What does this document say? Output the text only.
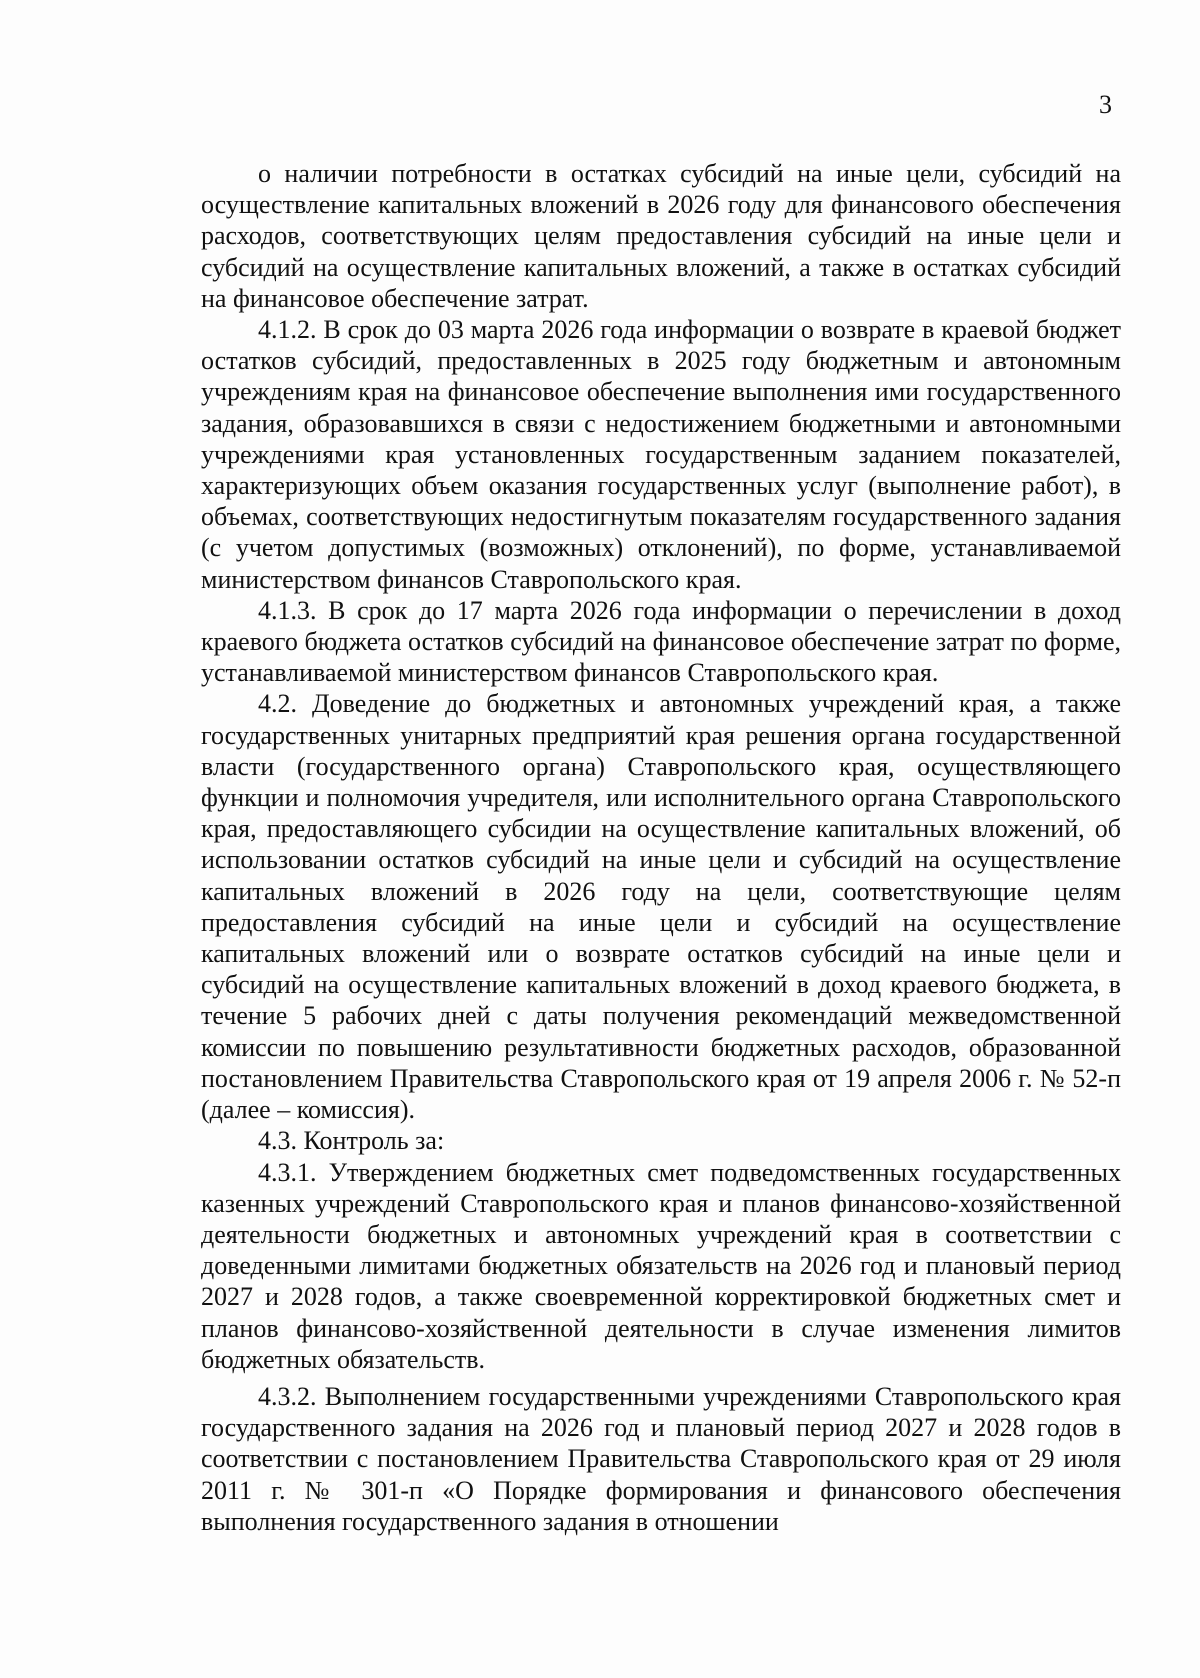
3

о наличии потребности в остатках субсидий на иные цели, субсидий на осуществление капитальных вложений в 2026 году для финансового обеспечения расходов, соответствующих целям предоставления субсидий на иные цели и субсидий на осуществление капитальных вложений, а также в остатках субсидий на финансовое обеспечение затрат.

4.1.2. В срок до 03 марта 2026 года информации о возврате в краевой бюджет остатков субсидий, предоставленных в 2025 году бюджетным и автономным учреждениям края на финансовое обеспечение выполнения ими государственного задания, образовавшихся в связи с недостижением бюджетными и автономными учреждениями края установленных государственным заданием показателей, характеризующих объем оказания государственных услуг (выполнение работ), в объемах, соответствующих недостигнутым показателям государственного задания (с учетом допустимых (возможных) отклонений), по форме, устанавливаемой министерством финансов Ставропольского края.

4.1.3. В срок до 17 марта 2026 года информации о перечислении в доход краевого бюджета остатков субсидий на финансовое обеспечение затрат по форме, устанавливаемой министерством финансов Ставропольского края.

4.2. Доведение до бюджетных и автономных учреждений края, а также государственных унитарных предприятий края решения органа государственной власти (государственного органа) Ставропольского края, осуществляющего функции и полномочия учредителя, или исполнительного органа Ставропольского края, предоставляющего субсидии на осуществление капитальных вложений, об использовании остатков субсидий на иные цели и субсидий на осуществление капитальных вложений в 2026 году на цели, соответствующие целям предоставления субсидий на иные цели и субсидий на осуществление капитальных вложений или о возврате остатков субсидий на иные цели и субсидий на осуществление капитальных вложений в доход краевого бюджета, в течение 5 рабочих дней с даты получения рекомендаций межведомственной комиссии по повышению результативности бюджетных расходов, образованной постановлением Правительства Ставропольского края от 19 апреля 2006 г. № 52-п (далее – комиссия).

4.3. Контроль за:

4.3.1. Утверждением бюджетных смет подведомственных государственных казенных учреждений Ставропольского края и планов финансово-хозяйственной деятельности бюджетных и автономных учреждений края в соответствии с доведенными лимитами бюджетных обязательств на 2026 год и плановый период 2027 и 2028 годов, а также своевременной корректировкой бюджетных смет и планов финансово-хозяйственной деятельности в случае изменения лимитов бюджетных обязательств.

4.3.2. Выполнением государственными учреждениями Ставропольского края государственного задания на 2026 год и плановый период 2027 и 2028 годов в соответствии с постановлением Правительства Ставропольского края от 29 июля 2011 г. № 301-п «О Порядке формирования и финансового обеспечения выполнения государственного задания в отношении
